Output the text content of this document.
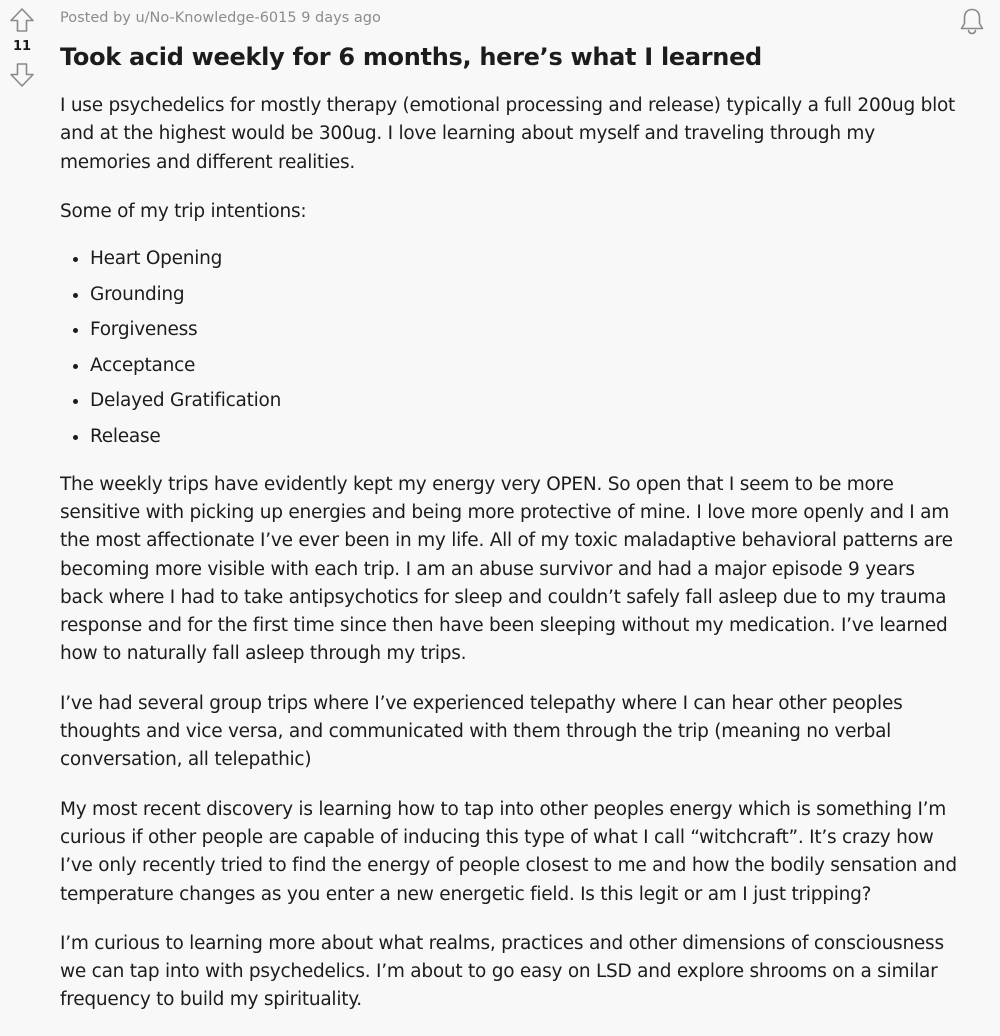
11
Posted by u/No-Knowledge-6015 9 days ago
Took acid weekly for 6 months, here’s what I learned

I use psychedelics for mostly therapy (emotional processing and release) typically a full 200ug blot and at the highest would be 300ug. I love learning about myself and traveling through my memories and different realities.

Some of my trip intentions:

• Heart Opening
• Grounding
• Forgiveness
• Acceptance
• Delayed Gratification
• Release

The weekly trips have evidently kept my energy very OPEN. So open that I seem to be more sensitive with picking up energies and being more protective of mine. I love more openly and I am the most affectionate I’ve ever been in my life. All of my toxic maladaptive behavioral patterns are becoming more visible with each trip. I am an abuse survivor and had a major episode 9 years back where I had to take antipsychotics for sleep and couldn’t safely fall asleep due to my trauma response and for the first time since then have been sleeping without my medication. I’ve learned how to naturally fall asleep through my trips.

I’ve had several group trips where I’ve experienced telepathy where I can hear other peoples thoughts and vice versa, and communicated with them through the trip (meaning no verbal conversation, all telepathic)

My most recent discovery is learning how to tap into other peoples energy which is something I’m curious if other people are capable of inducing this type of what I call “witchcraft”. It’s crazy how I’ve only recently tried to find the energy of people closest to me and how the bodily sensation and temperature changes as you enter a new energetic field. Is this legit or am I just tripping?

I’m curious to learning more about what realms, practices and other dimensions of consciousness we can tap into with psychedelics. I’m about to go easy on LSD and explore shrooms on a similar frequency to build my spirituality.
